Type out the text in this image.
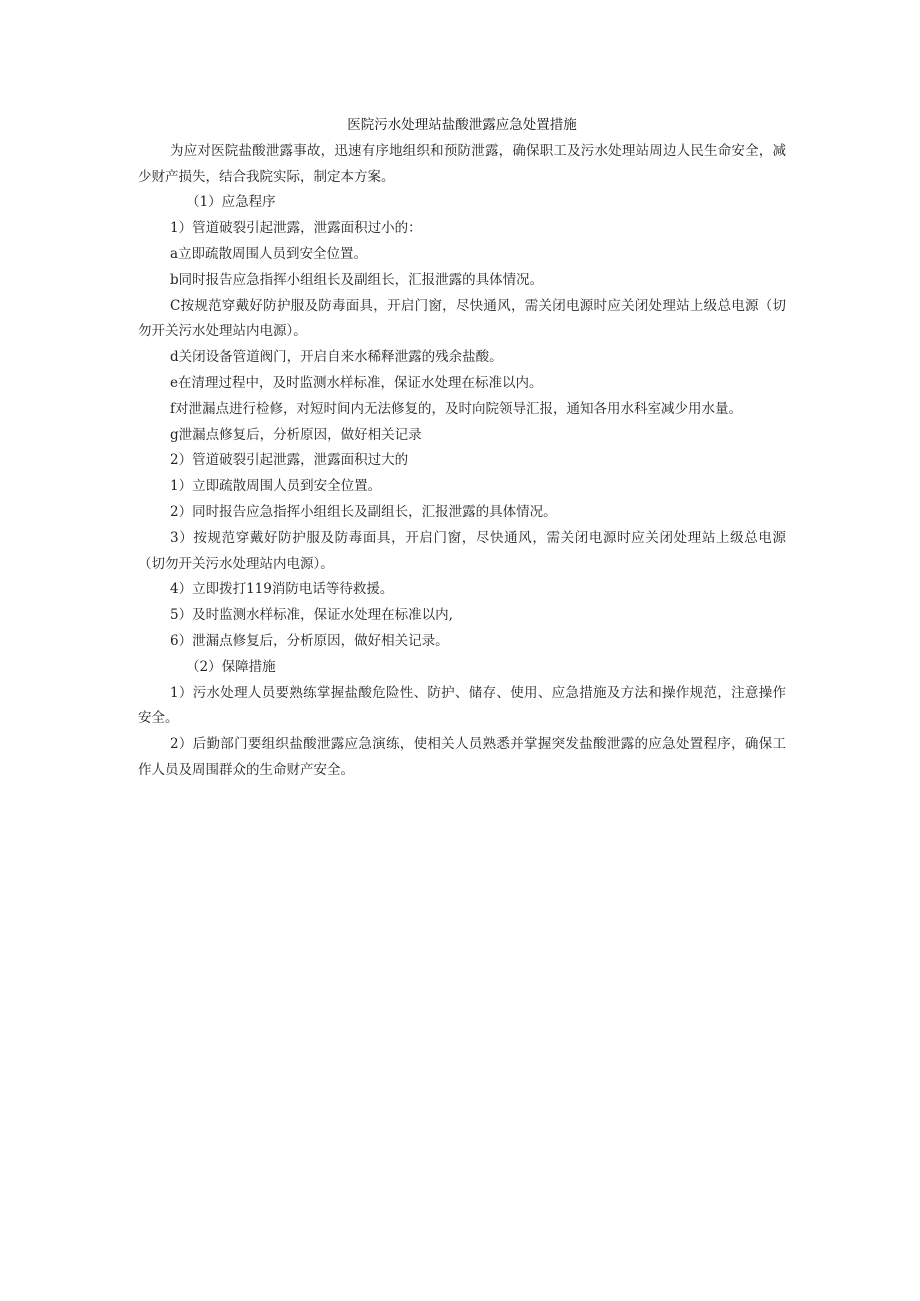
医院污水处理站盐酸泄露应急处置措施

为应对医院盐酸泄露事故，迅速有序地组织和预防泄露，确保职工及污水处理站周边人民生命安全，减少财产损失，结合我院实际，制定本方案。

（1）应急程序

1）管道破裂引起泄露，泄露面积过小的：

a立即疏散周围人员到安全位置。

b同时报告应急指挥小组组长及副组长，汇报泄露的具体情况。

C按规范穿戴好防护服及防毒面具，开启门窗，尽快通风，需关闭电源时应关闭处理站上级总电源（切勿开关污水处理站内电源）。

d关闭设备管道阀门，开启自来水稀释泄露的残余盐酸。

e在清理过程中，及时监测水样标准，保证水处理在标准以内。

f对泄漏点进行检修，对短时间内无法修复的，及时向院领导汇报，通知各用水科室减少用水量。

g泄漏点修复后，分析原因，做好相关记录

2）管道破裂引起泄露，泄露面积过大的

1）立即疏散周围人员到安全位置。

2）同时报告应急指挥小组组长及副组长，汇报泄露的具体情况。

3）按规范穿戴好防护服及防毒面具，开启门窗，尽快通风，需关闭电源时应关闭处理站上级总电源（切勿开关污水处理站内电源）。

4）立即拨打119消防电话等待救援。

5）及时监测水样标准，保证水处理在标准以内,

6）泄漏点修复后，分析原因，做好相关记录。

（2）保障措施

1）污水处理人员要熟练掌握盐酸危险性、防护、储存、使用、应急措施及方法和操作规范，注意操作安全。

2）后勤部门要组织盐酸泄露应急演练，使相关人员熟悉并掌握突发盐酸泄露的应急处置程序，确保工作人员及周围群众的生命财产安全。
